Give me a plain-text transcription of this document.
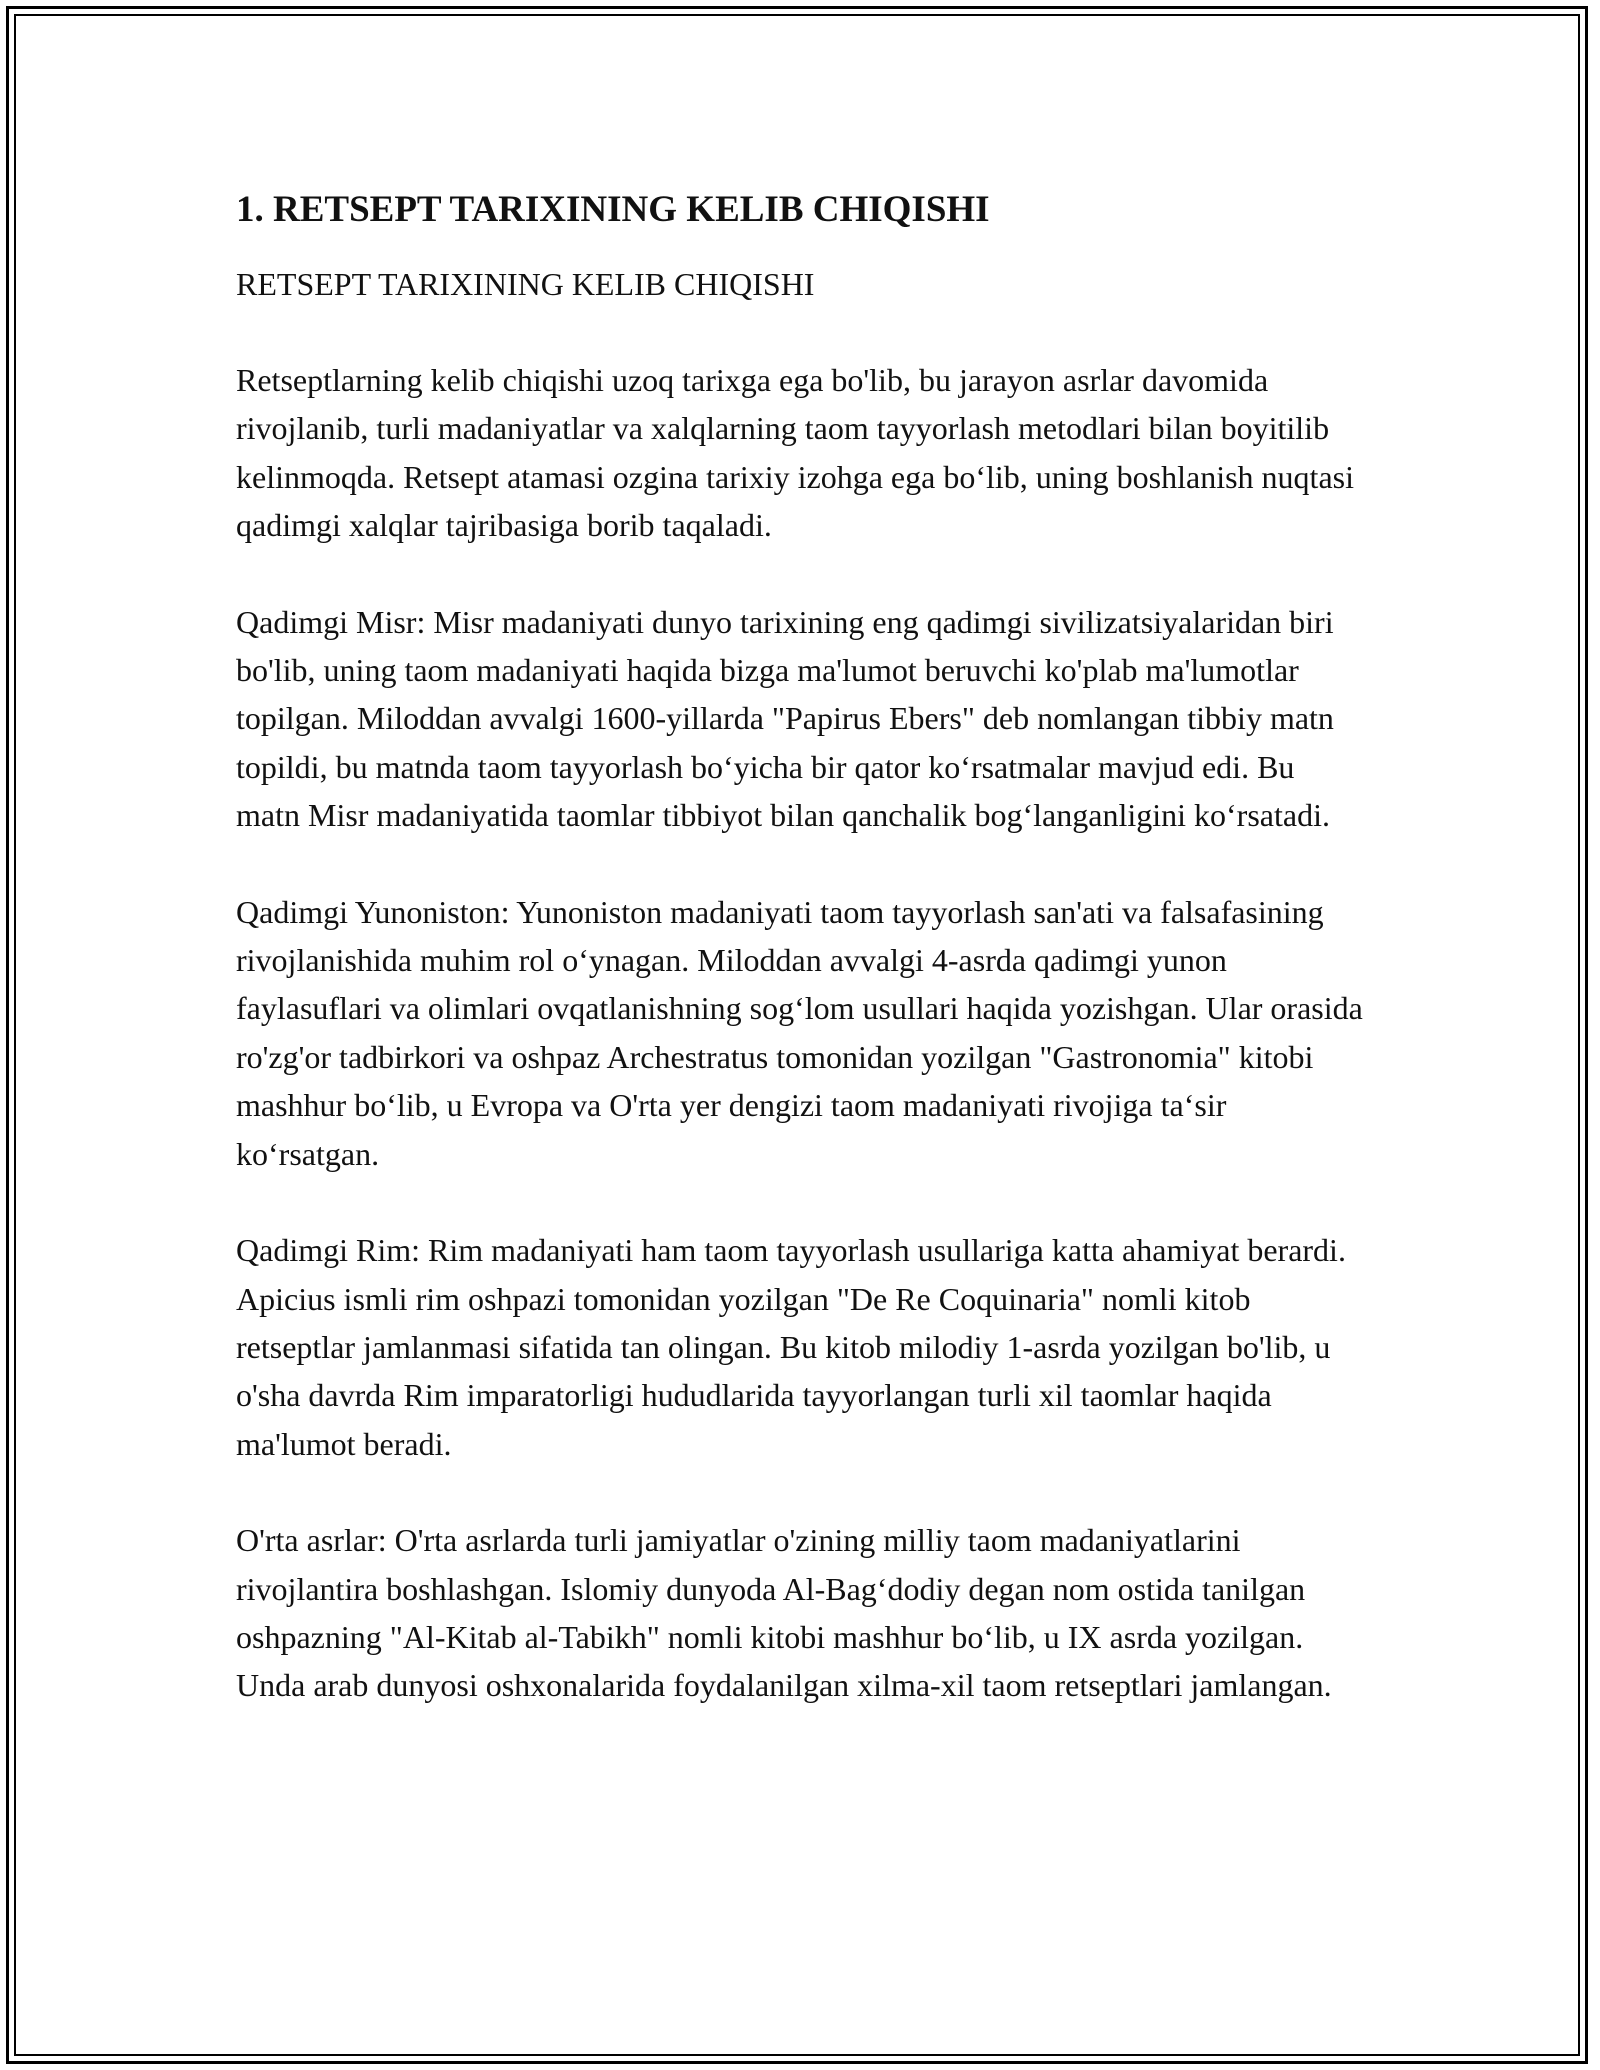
1. RETSEPT TARIXINING KELIB CHIQISHI
RETSEPT TARIXINING KELIB CHIQISHI

Retseptlarning kelib chiqishi uzoq tarixga ega bo'lib, bu jarayon asrlar davomida rivojlanib, turli madaniyatlar va xalqlarning taom tayyorlash metodlari bilan boyitilib kelinmoqda. Retsept atamasi ozgina tarixiy izohga ega bo‘lib, uning boshlanish nuqtasi qadimgi xalqlar tajribasiga borib taqaladi.

Qadimgi Misr: Misr madaniyati dunyo tarixining eng qadimgi sivilizatsiyalaridan biri bo'lib, uning taom madaniyati haqida bizga ma'lumot beruvchi ko'plab ma'lumotlar topilgan. Miloddan avvalgi 1600-yillarda "Papirus Ebers" deb nomlangan tibbiy matn topildi, bu matnda taom tayyorlash bo‘yicha bir qator ko‘rsatmalar mavjud edi. Bu matn Misr madaniyatida taomlar tibbiyot bilan qanchalik bog‘langanligini ko‘rsatadi.

Qadimgi Yunoniston: Yunoniston madaniyati taom tayyorlash san'ati va falsafasining rivojlanishida muhim rol o‘ynagan. Miloddan avvalgi 4-asrda qadimgi yunon faylasuflari va olimlari ovqatlanishning sog‘lom usullari haqida yozishgan. Ular orasida ro'zg'or tadbirkori va oshpaz Archestratus tomonidan yozilgan "Gastronomia" kitobi mashhur bo‘lib, u Evropa va O'rta yer dengizi taom madaniyati rivojiga ta‘sir ko‘rsatgan.

Qadimgi Rim: Rim madaniyati ham taom tayyorlash usullariga katta ahamiyat berardi. Apicius ismli rim oshpazi tomonidan yozilgan "De Re Coquinaria" nomli kitob retseptlar jamlanmasi sifatida tan olingan. Bu kitob milodiy 1-asrda yozilgan bo'lib, u o'sha davrda Rim imparatorligi hududlarida tayyorlangan turli xil taomlar haqida ma'lumot beradi.

O'rta asrlar: O'rta asrlarda turli jamiyatlar o'zining milliy taom madaniyatlarini rivojlantira boshlashgan. Islomiy dunyoda Al-Bag‘dodiy degan nom ostida tanilgan oshpazning "Al-Kitab al-Tabikh" nomli kitobi mashhur bo‘lib, u IX asrda yozilgan. Unda arab dunyosi oshxonalarida foydalanilgan xilma-xil taom retseptlari jamlangan.
